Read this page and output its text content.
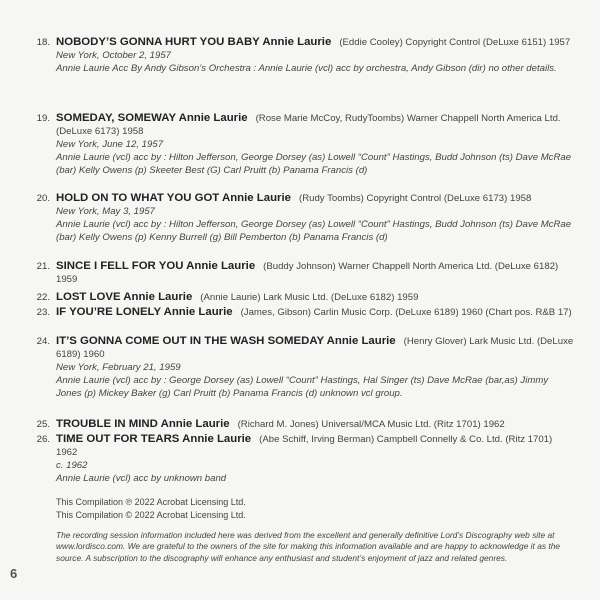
18. NOBODY’S GONNA HURT YOU BABY Annie Laurie (Eddie Cooley) Copyright Control (DeLuxe 6151) 1957
New York, October 2, 1957
Annie Laurie Acc By Andy Gibson’s Orchestra : Annie Laurie (vcl) acc by orchestra, Andy Gibson (dir) no other details.
19. SOMEDAY, SOMEWAY Annie Laurie (Rose Marie McCoy, RudyToombs) Warner Chappell North America Ltd. (DeLuxe 6173) 1958
New York, June 12, 1957
Annie Laurie (vcl) acc by : Hilton Jefferson, George Dorsey (as) Lowell “Count” Hastings, Budd Johnson (ts) Dave McRae (bar) Kelly Owens (p) Skeeter Best (G) Carl Pruitt (b) Panama Francis (d)
20. HOLD ON TO WHAT YOU GOT Annie Laurie (Rudy Toombs) Copyright Control (DeLuxe 6173) 1958
New York, May 3, 1957
Annie Laurie (vcl) acc by : Hilton Jefferson, George Dorsey (as) Lowell “Count” Hastings, Budd Johnson (ts) Dave McRae (bar) Kelly Owens (p) Kenny Burrell (g) Bill Pemberton (b) Panama Francis (d)
21. SINCE I FELL FOR YOU Annie Laurie (Buddy Johnson) Warner Chappell North America Ltd. (DeLuxe 6182) 1959
22. LOST LOVE Annie Laurie (Annie Laurie) Lark Music Ltd. (DeLuxe 6182) 1959
23. IF YOU’RE LONELY Annie Laurie (James, Gibson) Carlin Music Corp. (DeLuxe 6189) 1960 (Chart pos. R&B 17)
24. IT’S GONNA COME OUT IN THE WASH SOMEDAY Annie Laurie (Henry Glover) Lark Music Ltd. (DeLuxe 6189) 1960
New York, February 21, 1959
Annie Laurie (vcl) acc by : George Dorsey (as) Lowell “Count” Hastings, Hal Singer (ts) Dave McRae (bar,as) Jimmy Jones (p) Mickey Baker (g) Carl Pruitt (b) Panama Francis (d) unknown vcl group.
25. TROUBLE IN MIND Annie Laurie (Richard M. Jones) Universal/MCA Music Ltd. (Ritz 1701) 1962
26. TIME OUT FOR TEARS Annie Laurie (Abe Schiff, Irving Berman) Campbell Connelly & Co. Ltd. (Ritz 1701) 1962
c. 1962
Annie Laurie (vcl) acc by unknown band
This Compilation ℗ 2022 Acrobat Licensing Ltd.
This Compilation © 2022 Acrobat Licensing Ltd.
The recording session information included here was derived from the excellent and generally definitive Lord’s Discography web site at www.lordisco.com. We are grateful to the owners of the site for making this information available and are happy to acknowledge it as the source. A subscription to the discography will enhance any enthusiast and student’s enjoyment of jazz and related genres.
6
